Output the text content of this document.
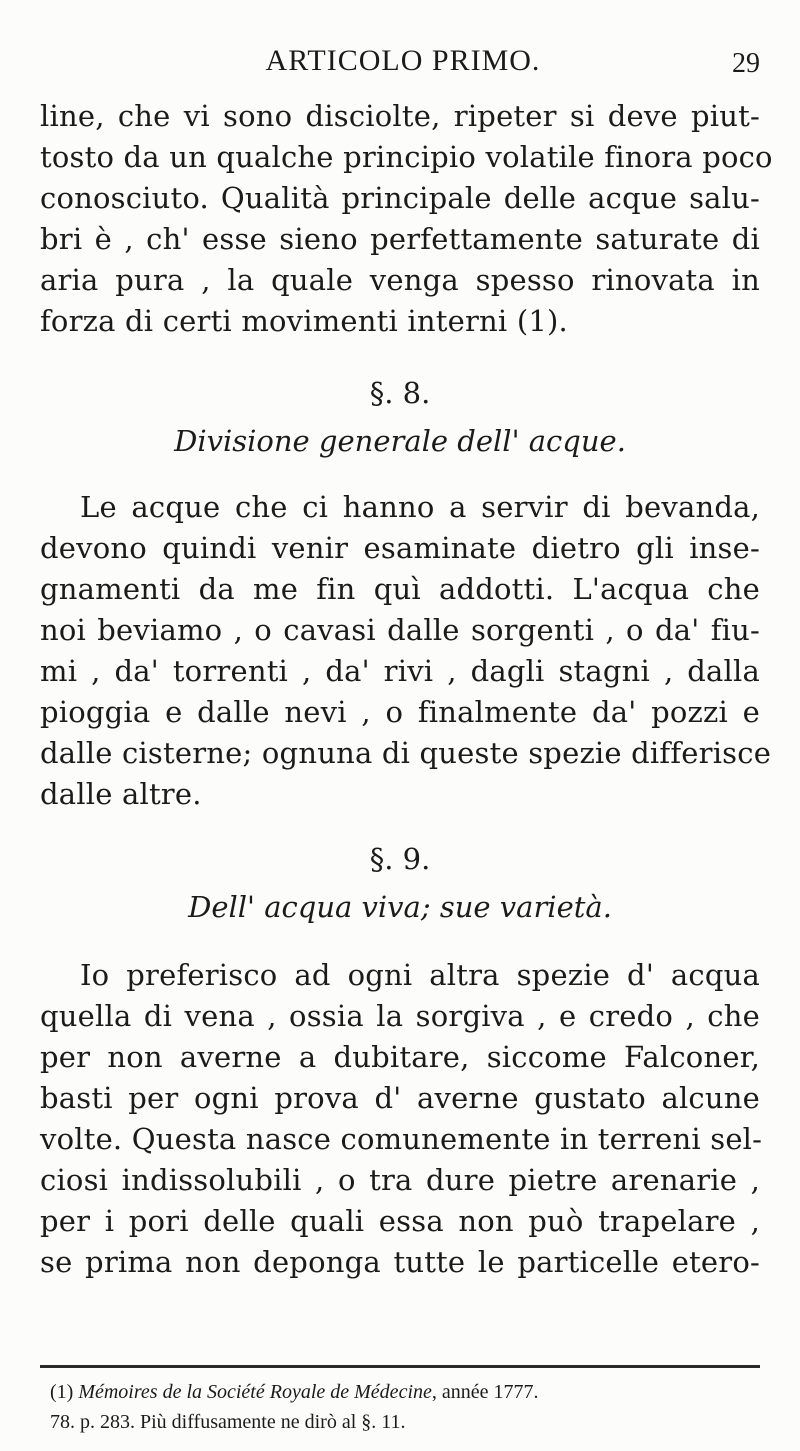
ARTICOLO PRIMO.	29
line, che vi sono disciolte, ripeter si deve piut-
tosto da un qualche principio volatile finora poco
conosciuto. Qualità principale delle acque salu-
bri è , ch' esse sieno perfettamente saturate di
aria pura , la quale venga spesso rinovata in
forza di certi movimenti interni (1).
§. 8.
Divisione generale dell' acque.
Le acque che ci hanno a servir di bevanda,
devono quindi venir esaminate dietro gli inse-
gnamenti da me fin quì addotti. L'acqua che
noi beviamo , o cavasi dalle sorgenti , o da' fiu-
mi , da' torrenti , da' rivi , dagli stagni , dalla
pioggia e dalle nevi , o finalmente da' pozzi e
dalle cisterne; ognuna di queste spezie differisce
dalle altre.
§. 9.
Dell' acqua viva; sue varietà.
Io preferisco ad ogni altra spezie d' acqua
quella di vena , ossia la sorgiva , e credo , che
per non averne a dubitare, siccome Falconer,
basti per ogni prova d' averne gustato alcune
volte. Questa nasce comunemente in terreni sel-
ciosi indissolubili , o tra dure pietre arenarie ,
per i pori delle quali essa non può trapelare ,
se prima non deponga tutte le particelle etero-
(1) Mémoires de la Société Royale de Médecine, année 1777.
78. p. 283. Più diffusamente ne dirò al §. 11.
